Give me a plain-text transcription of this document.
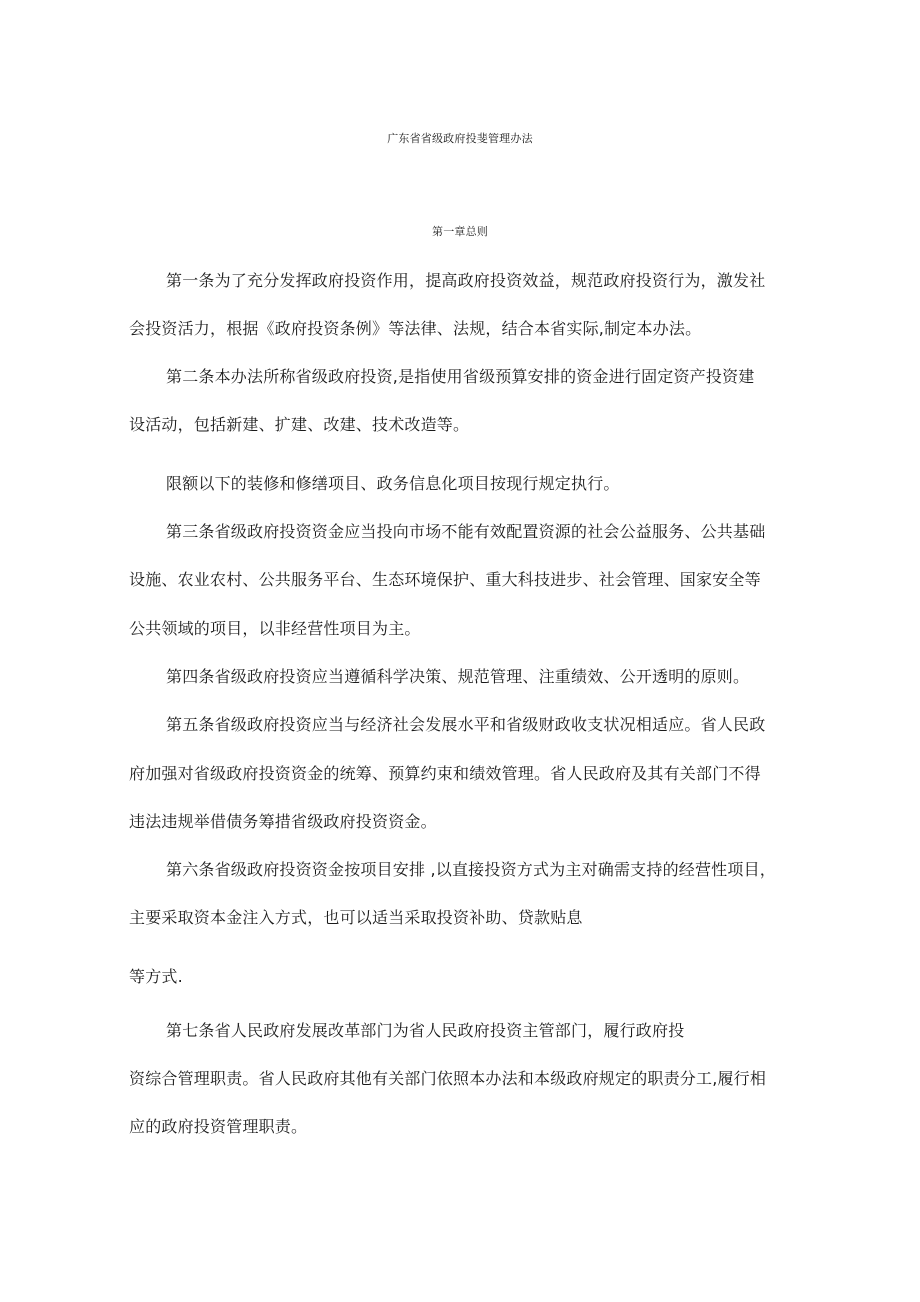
广东省省级政府投斐管理办法
第一章总则
第一条为了充分发挥政府投资作用，提高政府投资效益，规范政府投资行为，激发社
会投资活力，根据《政府投资条例》等法律、法规，结合本省实际,制定本办法。
第二条本办法所称省级政府投资,是指使用省级预算安排的资金进行固定资产投资建
设活动，包括新建、扩建、改建、技术改造等。
限额以下的装修和修缮项目、政务信息化项目按现行规定执行。
第三条省级政府投资资金应当投向市场不能有效配置资源的社会公益服务、公共基础
设施、农业农村、公共服务平台、生态环境保护、重大科技进步、社会管理、国家安全等
公共领域的项目，以非经营性项目为主。
第四条省级政府投资应当遵循科学决策、规范管理、注重绩效、公开透明的原则。
第五条省级政府投资应当与经济社会发展水平和省级财政收支状况相适应。省人民政
府加强对省级政府投资资金的统筹、预算约束和绩效管理。省人民政府及其有关部门不得
违法违规举借债务筹措省级政府投资资金。
第六条省级政府投资资金按项目安排 ,以直接投资方式为主对确需支持的经营性项目，
主要采取资本金注入方式，也可以适当采取投资补助、贷款贴息
等方式.
第七条省人民政府发展改革部门为省人民政府投资主管部门，履行政府投
资综合管理职责。省人民政府其他有关部门依照本办法和本级政府规定的职责分工,履行相
应的政府投资管理职责。
